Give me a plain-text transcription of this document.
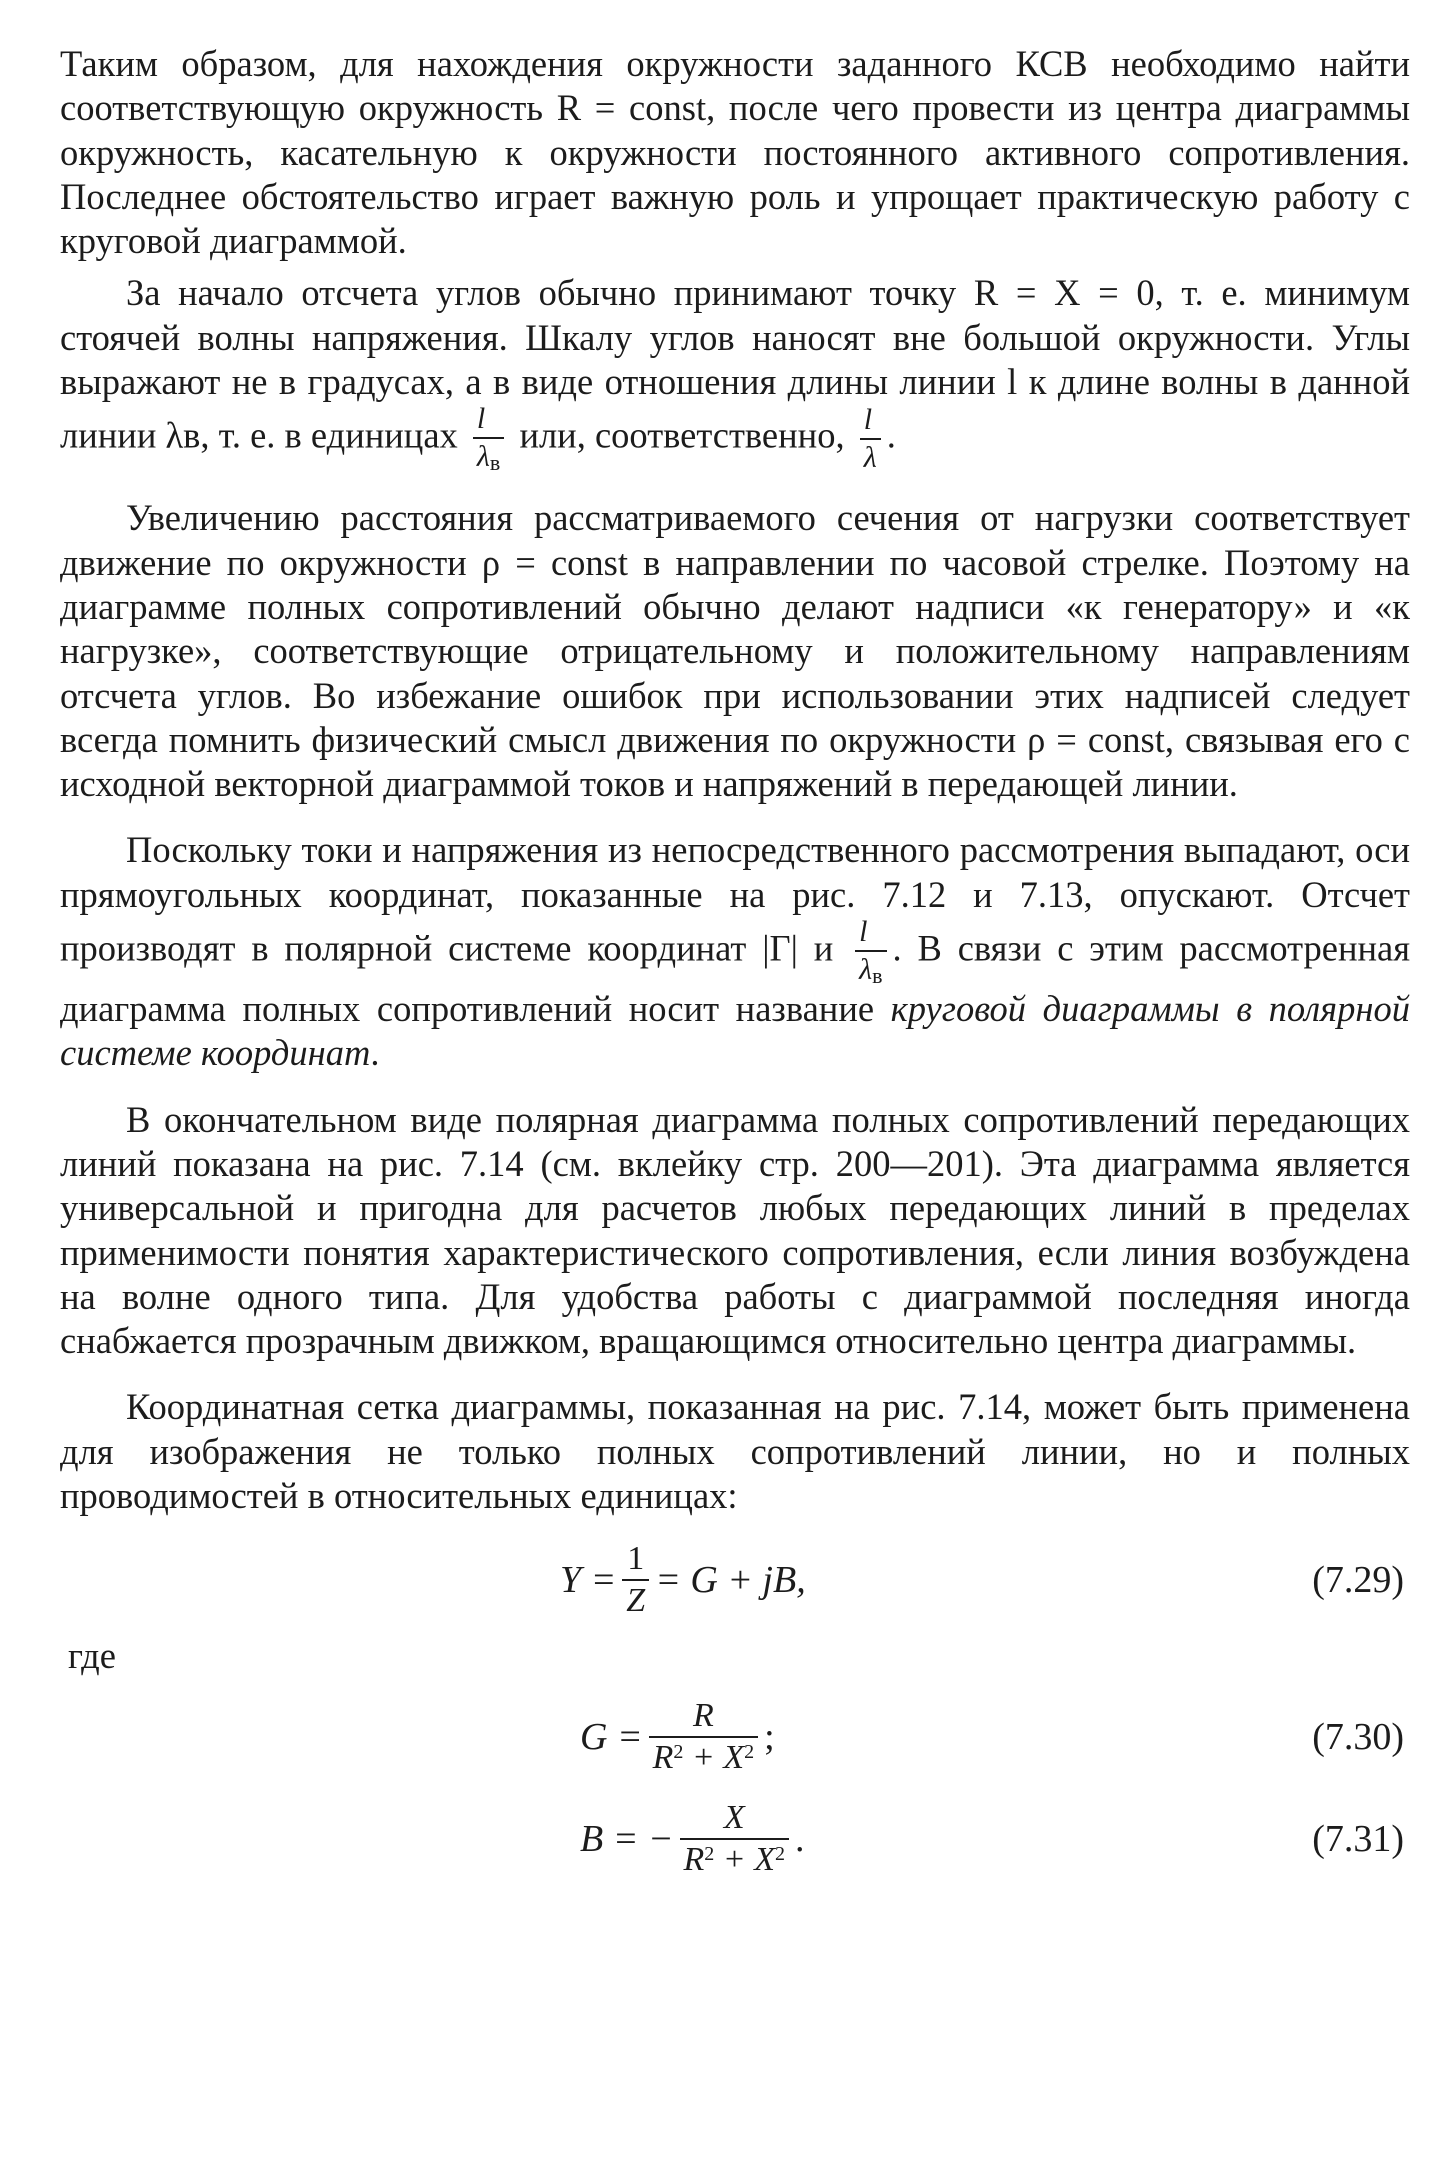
Таким образом, для нахождения окружности заданного КСВ необходимо найти соответствующую окружность R = const, после чего провести из центра диаграммы окружность, касательную к окружности постоянного активного сопротивления. Последнее обстоятельство играет важную роль и упрощает практическую работу с круговой диаграммой.

За начало отсчета углов обычно принимают точку R = X = 0, т. е. минимум стоячей волны напряжения. Шкалу углов наносят вне большой окружности. Углы выражают не в градусах, а в виде отношения длины линии l к длине волны в данной линии λв, т. е. в единицах $\frac{l}{\lambda в}$ или, соответственно, $\frac{l}{\lambda}$ .

Увеличению расстояния рассматриваемого сечения от нагрузки соответствует движение по окружности ρ = const в направлении по часовой стрелке. Поэтому на диаграмме полных сопротивлений обычно делают надписи «к генератору» и «к нагрузке», соответствующие отрицательному и положительному направлениям отсчета углов. Во избежание ошибок при использовании этих надписей следует всегда помнить физический смысл движения по окружности ρ = const, связывая его с исходной векторной диаграммой токов и напряжений в передающей линии.

Поскольку токи и напряжения из непосредственного рассмотрения выпадают, оси прямоугольных координат, показанные на рис. 7.12 и 7.13, опускают. Отсчет производят в полярной системе координат |Г| и $\frac{l}{\lambda в}$ . В связи с этим рассмотренная диаграмма полных сопротивлений носит название круговой диаграммы в полярной системе координат.

В окончательном виде полярная диаграмма полных сопротивлений передающих линий показана на рис. 7.14 (см. вклейку стр. 200—201). Эта диаграмма является универсальной и пригодна для расчетов любых передающих линий в пределах применимости понятия характеристического сопротивления, если линия возбуждена на волне одного типа. Для удобства работы с диаграммой последняя иногда снабжается прозрачным движком, вращающимся относительно центра диаграммы.

Координатная сетка диаграммы, показанная на рис. 7.14, может быть применена для изображения не только полных сопротивлений линии, но и полных проводимостей в относительных единицах:

$Y = \frac{1}{Z} = G$ + jB,	(7.29)
где
$G = \frac{R}{R^2 + X^2}$ ;	(7.30)
B = − $\frac{X}{R^2 + X^2}$ .	(7.31)
